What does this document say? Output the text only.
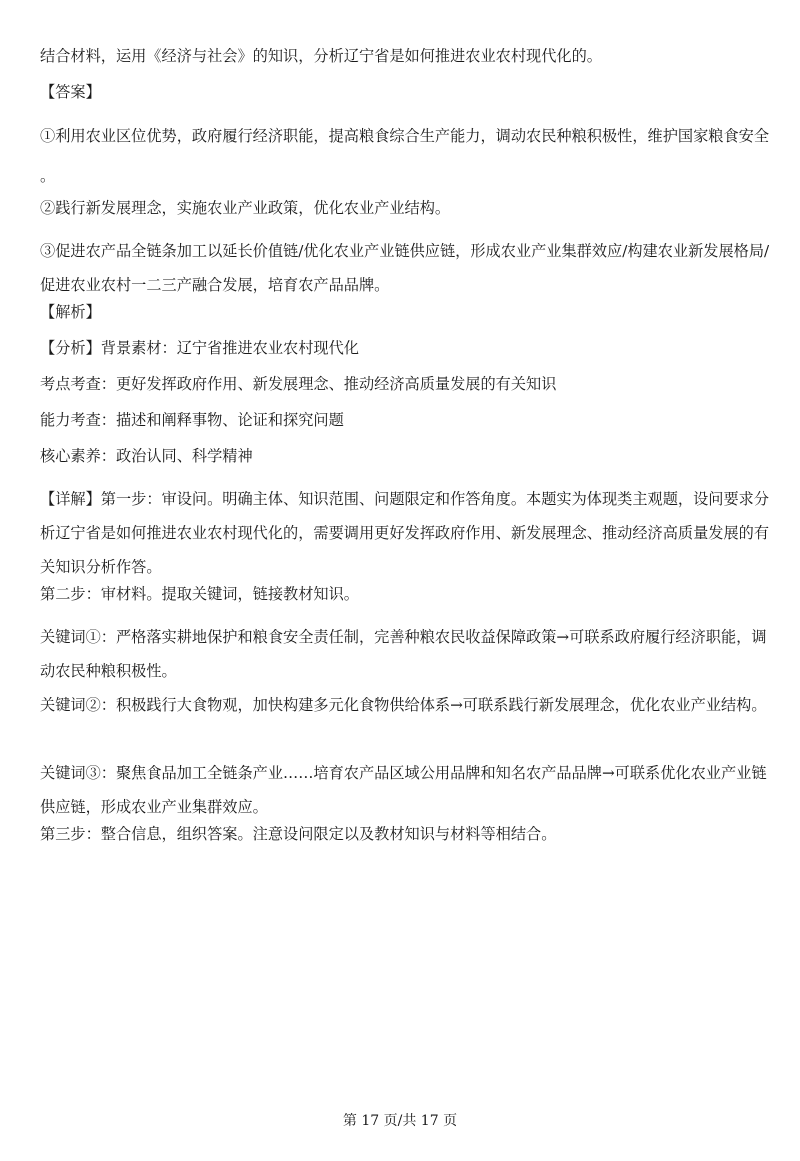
结合材料，运用《经济与社会》的知识，分析辽宁省是如何推进农业农村现代化的。

【答案】

①利用农业区位优势，政府履行经济职能，提高粮食综合生产能力，调动农民种粮积极性，维护国家粮食安全 。

②践行新发展理念，实施农业产业政策，优化农业产业结构。

③促进农产品全链条加工以延长价值链/优化农业产业链供应链，形成农业产业集群效应/构建农业新发展格局/促进农业农村一二三产融合发展，培育农产品品牌。

【解析】

【分析】背景素材：辽宁省推进农业农村现代化

考点考查：更好发挥政府作用、新发展理念、推动经济高质量发展的有关知识

能力考查：描述和阐释事物、论证和探究问题

核心素养：政治认同、科学精神

【详解】第一步：审设问。明确主体、知识范围、问题限定和作答角度。本题实为体现类主观题，设问要求分析辽宁省是如何推进农业农村现代化的，需要调用更好发挥政府作用、新发展理念、推动经济高质量发展的有关知识分析作答。

第二步：审材料。提取关键词，链接教材知识。

关键词①：严格落实耕地保护和粮食安全责任制，完善种粮农民收益保障政策→可联系政府履行经济职能，调动农民种粮积极性。

关键词②：积极践行大食物观，加快构建多元化食物供给体系→可联系践行新发展理念，优化农业产业结构。

关键词③：聚焦食品加工全链条产业……培育农产品区域公用品牌和知名农产品品牌→可联系优化农业产业链供应链，形成农业产业集群效应。

第三步：整合信息，组织答案。注意设问限定以及教材知识与材料等相结合。

第 17 页/共 17 页
